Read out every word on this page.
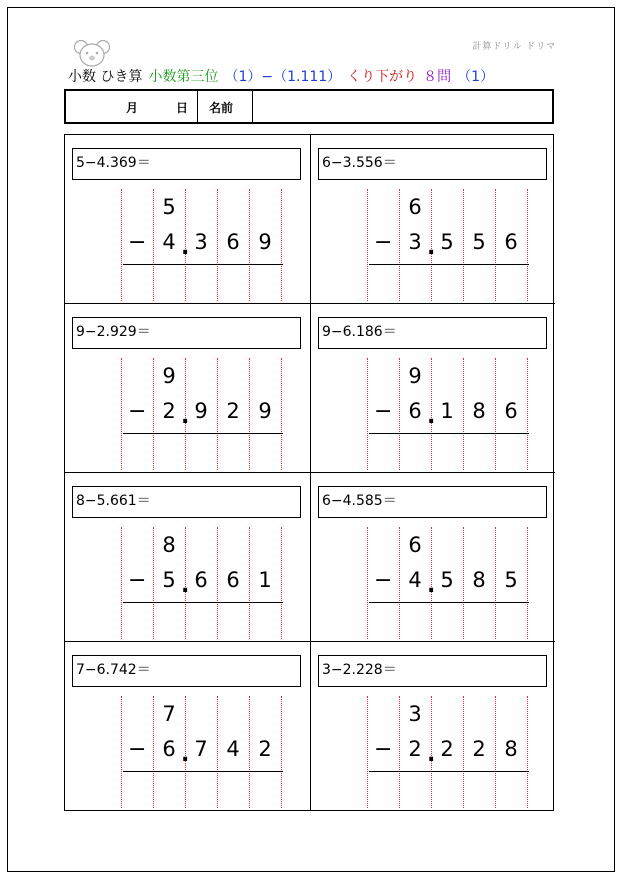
計算ドリル ドリマ
小数 ひき算 小数第三位 （1）−（1.111） くり下がり ８問 （1）
月	日 名前
5−4.369＝
5
− 4 3 6 9
.
6−3.556＝
6
− 3 5 5 6
.
9−2.929＝
9
− 2 9 2 9
.
9−6.186＝
9
− 6 1 8 6
.
8−5.661＝
8
− 5 6 6 1
.
6−4.585＝
6
− 4 5 8 5
.
7−6.742＝
7
− 6 7 4 2
.
3−2.228＝
3
− 2 2 2 8
.
